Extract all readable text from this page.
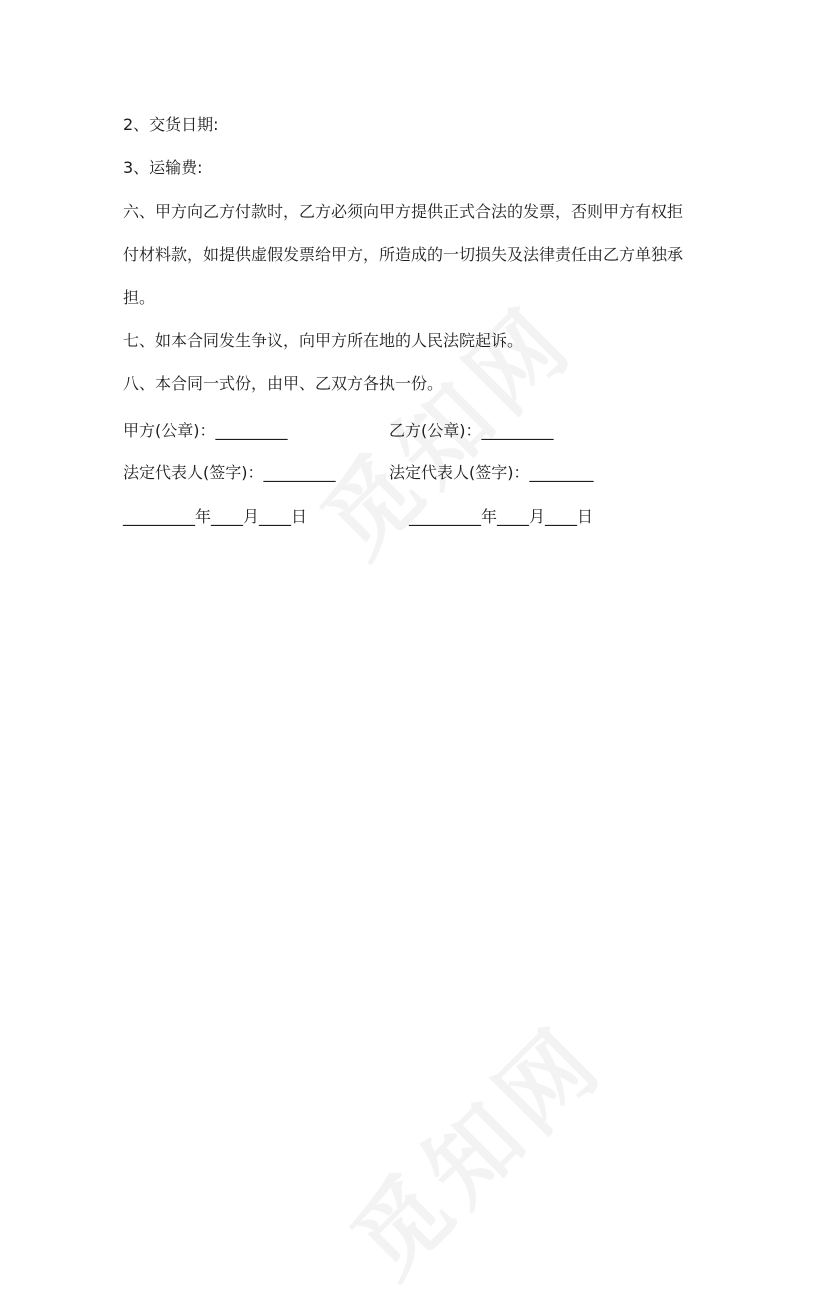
2、交货日期:
3、运输费:
六、甲方向乙方付款时，乙方必须向甲方提供正式合法的发票，否则甲方有权拒
付材料款，如提供虚假发票给甲方，所造成的一切损失及法律责任由乙方单独承
担。
七、如本合同发生争议，向甲方所在地的人民法院起诉。
八、本合同一式份，由甲、乙双方各执一份。
甲方(公章)：_________	乙方(公章)：_________
法定代表人(签字)：_________	法定代表人(签字)：________
_________年____月____日	_________年____月____日
